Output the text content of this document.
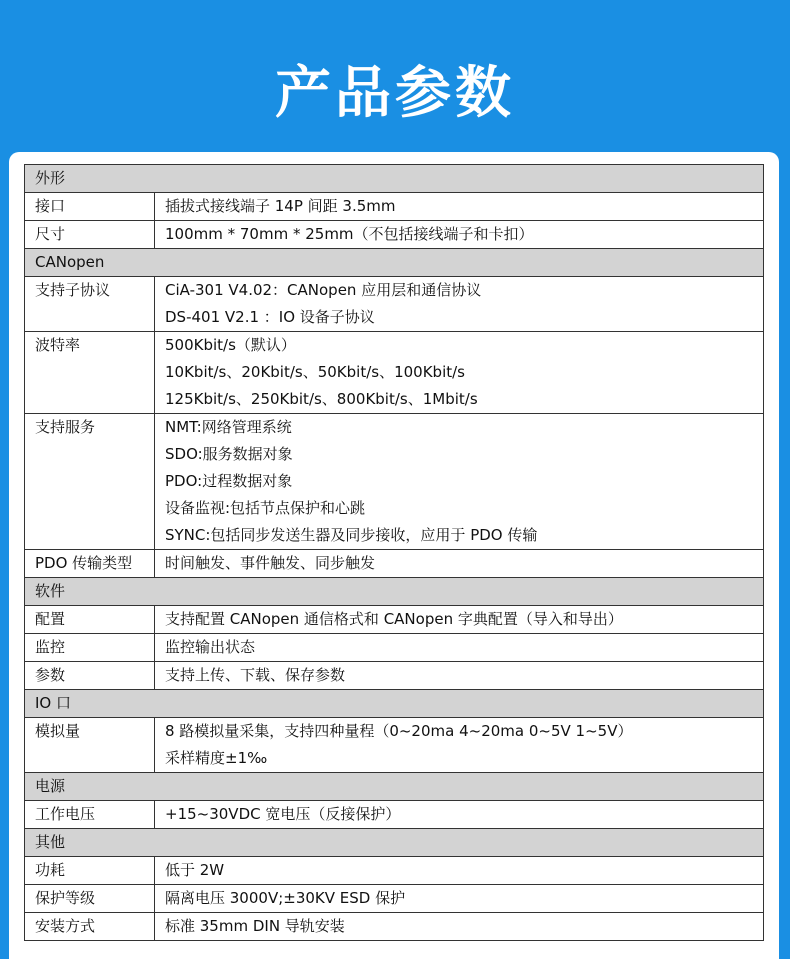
产品参数
外形	
接口	插拔式接线端子 14P 间距 3.5mm

尺寸	100mm * 70mm * 25mm（不包括接线端子和卡扣）

CANopen	
支持子协议	CiA-301 V4.02：CANopen 应用层和通信协议
DS-401 V2.1 ：IO 设备子协议

波特率	500Kbit/s（默认）
10Kbit/s、20Kbit/s、50Kbit/s、100Kbit/s
125Kbit/s、250Kbit/s、800Kbit/s、1Mbit/s

支持服务	NMT:网络管理系统
SDO:服务数据对象
PDO:过程数据对象
设备监视:包括节点保护和心跳
SYNC:包括同步发送生器及同步接收，应用于 PDO 传输

PDO 传输类型	时间触发、事件触发、同步触发

软件	
配置	支持配置 CANopen 通信格式和 CANopen 字典配置（导入和导出）

监控	监控输出状态

参数	支持上传、下载、保存参数

IO 口	
模拟量	8 路模拟量采集，支持四种量程（0~20ma 4~20ma 0~5V 1~5V）
采样精度±1‰

电源	
工作电压	+15~30VDC 宽电压（反接保护）

其他	
功耗	低于 2W

保护等级	隔离电压 3000V;±30KV ESD 保护

安装方式	标准 35mm DIN 导轨安装
